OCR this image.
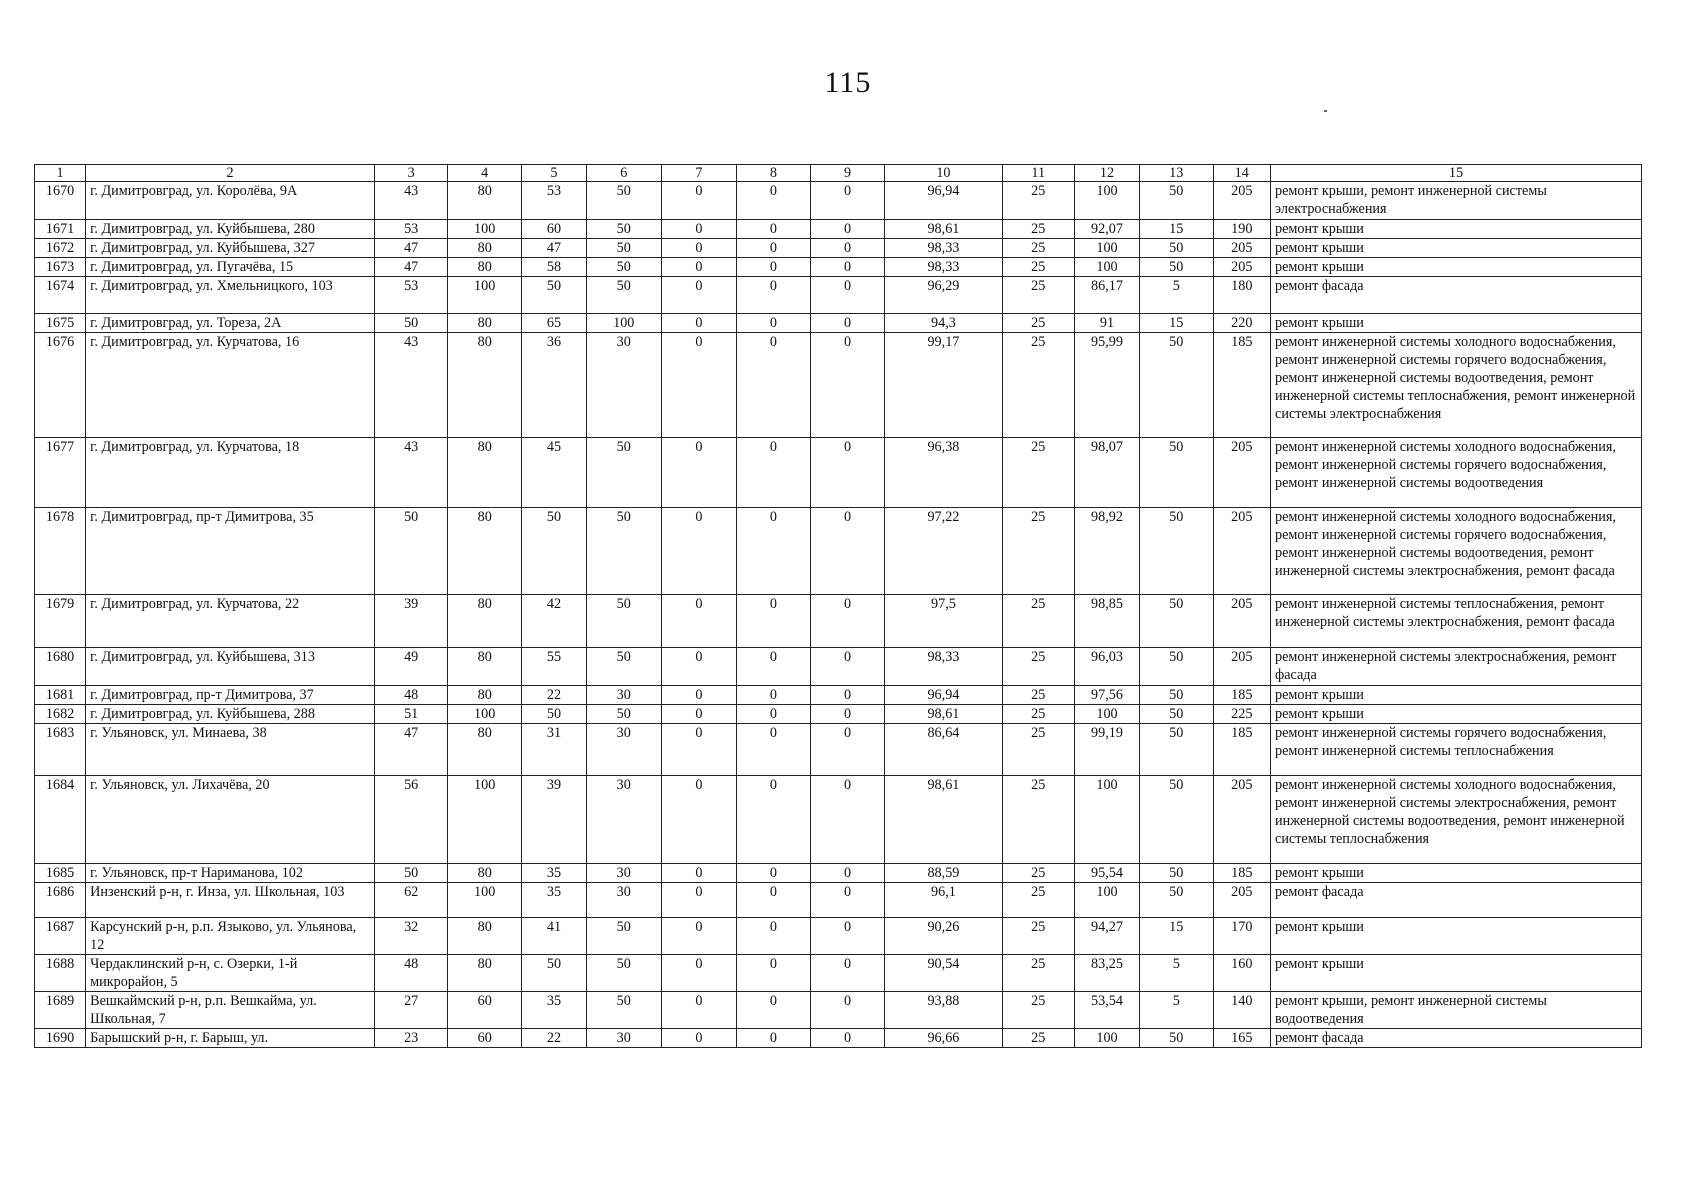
115
1	2	3	4	5	6	7	8	9	10	11	12	13	14	15
1670	г. Димитровград, ул. Королёва, 9А	43	80	53	50	0	0	0	96,94	25	100	50	205	ремонт крыши, ремонт инженерной системы электроснабжения
1671	г. Димитровград, ул. Куйбышева, 280	53	100	60	50	0	0	0	98,61	25	92,07	15	190	ремонт крыши
1672	г. Димитровград, ул. Куйбышева, 327	47	80	47	50	0	0	0	98,33	25	100	50	205	ремонт крыши
1673	г. Димитровград, ул. Пугачёва, 15	47	80	58	50	0	0	0	98,33	25	100	50	205	ремонт крыши
1674	г. Димитровград, ул. Хмельницкого, 103	53	100	50	50	0	0	0	96,29	25	86,17	5	180	ремонт фасада
1675	г. Димитровград, ул. Тореза, 2А	50	80	65	100	0	0	0	94,3	25	91	15	220	ремонт крыши
1676	г. Димитровград, ул. Курчатова, 16	43	80	36	30	0	0	0	99,17	25	95,99	50	185	ремонт инженерной системы холодного водоснабжения, ремонт инженерной системы горячего водоснабжения, ремонт инженерной системы водоотведения, ремонт инженерной системы теплоснабжения, ремонт инженерной системы электроснабжения
1677	г. Димитровград, ул. Курчатова, 18	43	80	45	50	0	0	0	96,38	25	98,07	50	205	ремонт инженерной системы холодного водоснабжения, ремонт инженерной системы горячего водоснабжения, ремонт инженерной системы водоотведения
1678	г. Димитровград, пр-т Димитрова, 35	50	80	50	50	0	0	0	97,22	25	98,92	50	205	ремонт инженерной системы холодного водоснабжения, ремонт инженерной системы горячего водоснабжения, ремонт инженерной системы водоотведения, ремонт инженерной системы электроснабжения, ремонт фасада
1679	г. Димитровград, ул. Курчатова, 22	39	80	42	50	0	0	0	97,5	25	98,85	50	205	ремонт инженерной системы теплоснабжения, ремонт инженерной системы электроснабжения, ремонт фасада
1680	г. Димитровград, ул. Куйбышева, 313	49	80	55	50	0	0	0	98,33	25	96,03	50	205	ремонт инженерной системы электроснабжения, ремонт фасада
1681	г. Димитровград, пр-т Димитрова, 37	48	80	22	30	0	0	0	96,94	25	97,56	50	185	ремонт крыши
1682	г. Димитровград, ул. Куйбышева, 288	51	100	50	50	0	0	0	98,61	25	100	50	225	ремонт крыши
1683	г. Ульяновск, ул. Минаева, 38	47	80	31	30	0	0	0	86,64	25	99,19	50	185	ремонт инженерной системы горячего водоснабжения, ремонт инженерной системы теплоснабжения
1684	г. Ульяновск, ул. Лихачёва, 20	56	100	39	30	0	0	0	98,61	25	100	50	205	ремонт инженерной системы холодного водоснабжения, ремонт инженерной системы электроснабжения, ремонт инженерной системы водоотведения, ремонт инженерной системы теплоснабжения
1685	г. Ульяновск, пр-т Нариманова, 102	50	80	35	30	0	0	0	88,59	25	95,54	50	185	ремонт крыши
1686	Инзенский р-н, г. Инза, ул. Школьная, 103	62	100	35	30	0	0	0	96,1	25	100	50	205	ремонт фасада
1687	Карсунский р-н, р.п. Языково, ул. Ульянова, 12	32	80	41	50	0	0	0	90,26	25	94,27	15	170	ремонт крыши
1688	Чердаклинский р-н, с. Озерки, 1-й микрорайон, 5	48	80	50	50	0	0	0	90,54	25	83,25	5	160	ремонт крыши
1689	Вешкаймский р-н, р.п. Вешкайма, ул. Школьная, 7	27	60	35	50	0	0	0	93,88	25	53,54	5	140	ремонт крыши, ремонт инженерной системы водоотведения
1690	Барышский р-н, г. Барыш, ул.	23	60	22	30	0	0	0	96,66	25	100	50	165	ремонт фасада
